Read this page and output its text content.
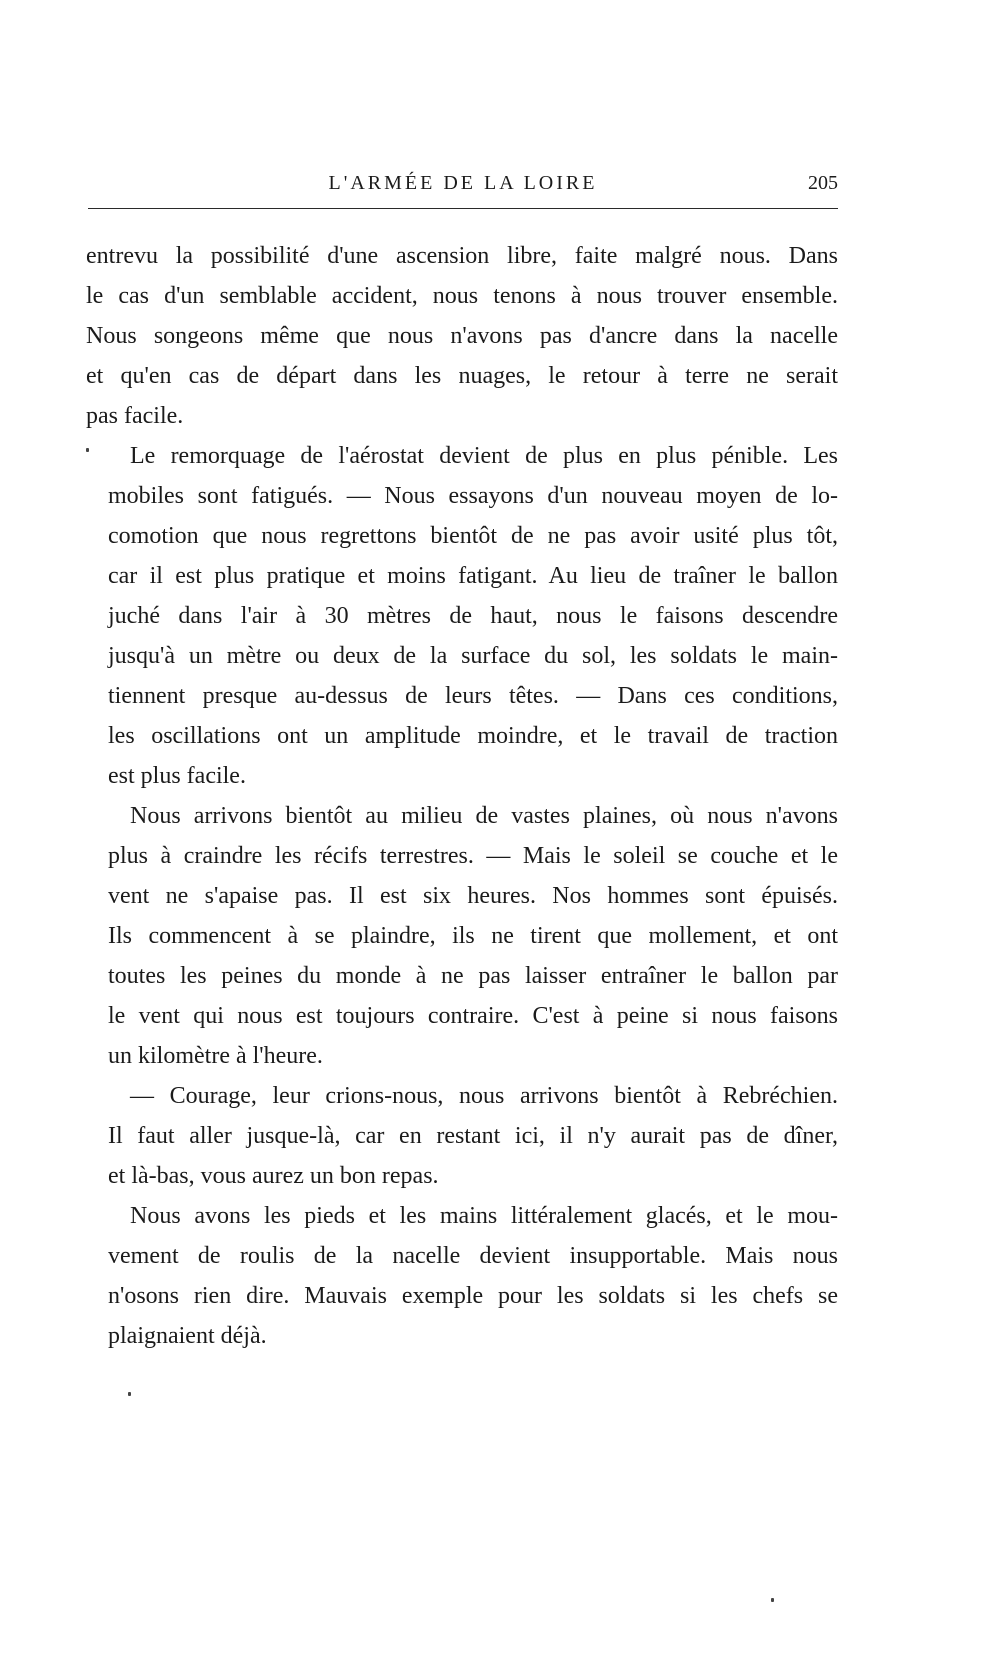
L'ARMÉE DE LA LOIRE	205

entrevu la possibilité d'une ascension libre, faite malgré nous. Dans
le cas d'un semblable accident, nous tenons à nous trouver ensemble.
Nous songeons même que nous n'avons pas d'ancre dans la nacelle
et qu'en cas de départ dans les nuages, le retour à terre ne serait
pas facile.

Le remorquage de l'aérostat devient de plus en plus pénible. Les
mobiles sont fatigués. — Nous essayons d'un nouveau moyen de lo-
comotion que nous regrettons bientôt de ne pas avoir usité plus tôt,
car il est plus pratique et moins fatigant. Au lieu de traîner le ballon
juché dans l'air à 30 mètres de haut, nous le faisons descendre
jusqu'à un mètre ou deux de la surface du sol, les soldats le main-
tiennent presque au-dessus de leurs têtes. — Dans ces conditions,
les oscillations ont un amplitude moindre, et le travail de traction
est plus facile.

Nous arrivons bientôt au milieu de vastes plaines, où nous n'avons
plus à craindre les récifs terrestres. — Mais le soleil se couche et le
vent ne s'apaise pas. Il est six heures. Nos hommes sont épuisés.
Ils commencent à se plaindre, ils ne tirent que mollement, et ont
toutes les peines du monde à ne pas laisser entraîner le ballon par
le vent qui nous est toujours contraire. C'est à peine si nous faisons
un kilomètre à l'heure.

— Courage, leur crions-nous, nous arrivons bientôt à Rebréchien.
Il faut aller jusque-là, car en restant ici, il n'y aurait pas de dîner,
et là-bas, vous aurez un bon repas.

Nous avons les pieds et les mains littéralement glacés, et le mou-
vement de roulis de la nacelle devient insupportable. Mais nous
n'osons rien dire. Mauvais exemple pour les soldats si les chefs se
plaignaient déjà.
